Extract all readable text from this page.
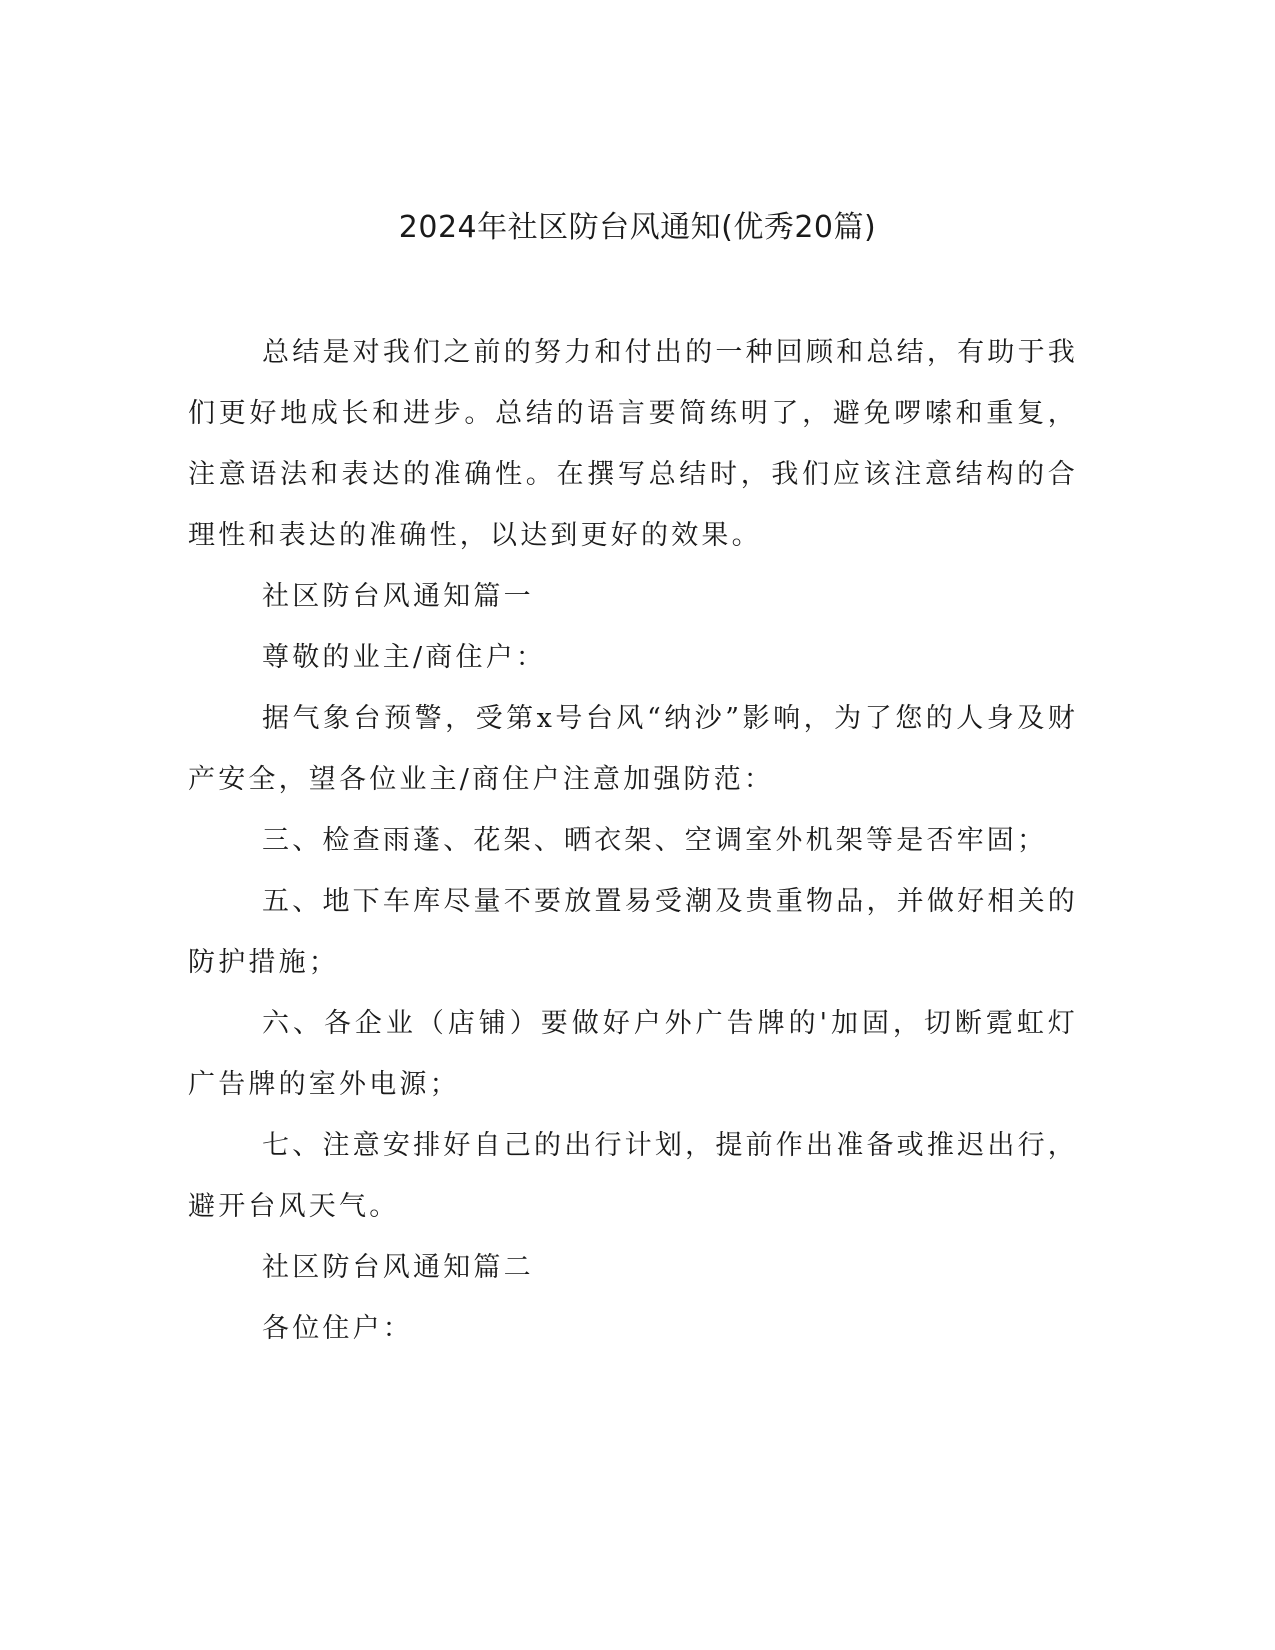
2024年社区防台风通知(优秀20篇)

总结是对我们之前的努力和付出的一种回顾和总结，有助于我们更好地成长和进步。总结的语言要简练明了，避免啰嗦和重复，注意语法和表达的准确性。在撰写总结时，我们应该注意结构的合理性和表达的准确性，以达到更好的效果。

社区防台风通知篇一

尊敬的业主/商住户：

据气象台预警，受第x号台风“纳沙”影响，为了您的人身及财产安全，望各位业主/商住户注意加强防范：

三、检查雨蓬、花架、晒衣架、空调室外机架等是否牢固；

五、地下车库尽量不要放置易受潮及贵重物品，并做好相关的防护措施；

六、各企业（店铺）要做好户外广告牌的'加固，切断霓虹灯广告牌的室外电源；

七、注意安排好自己的出行计划，提前作出准备或推迟出行，避开台风天气。

社区防台风通知篇二

各位住户：
